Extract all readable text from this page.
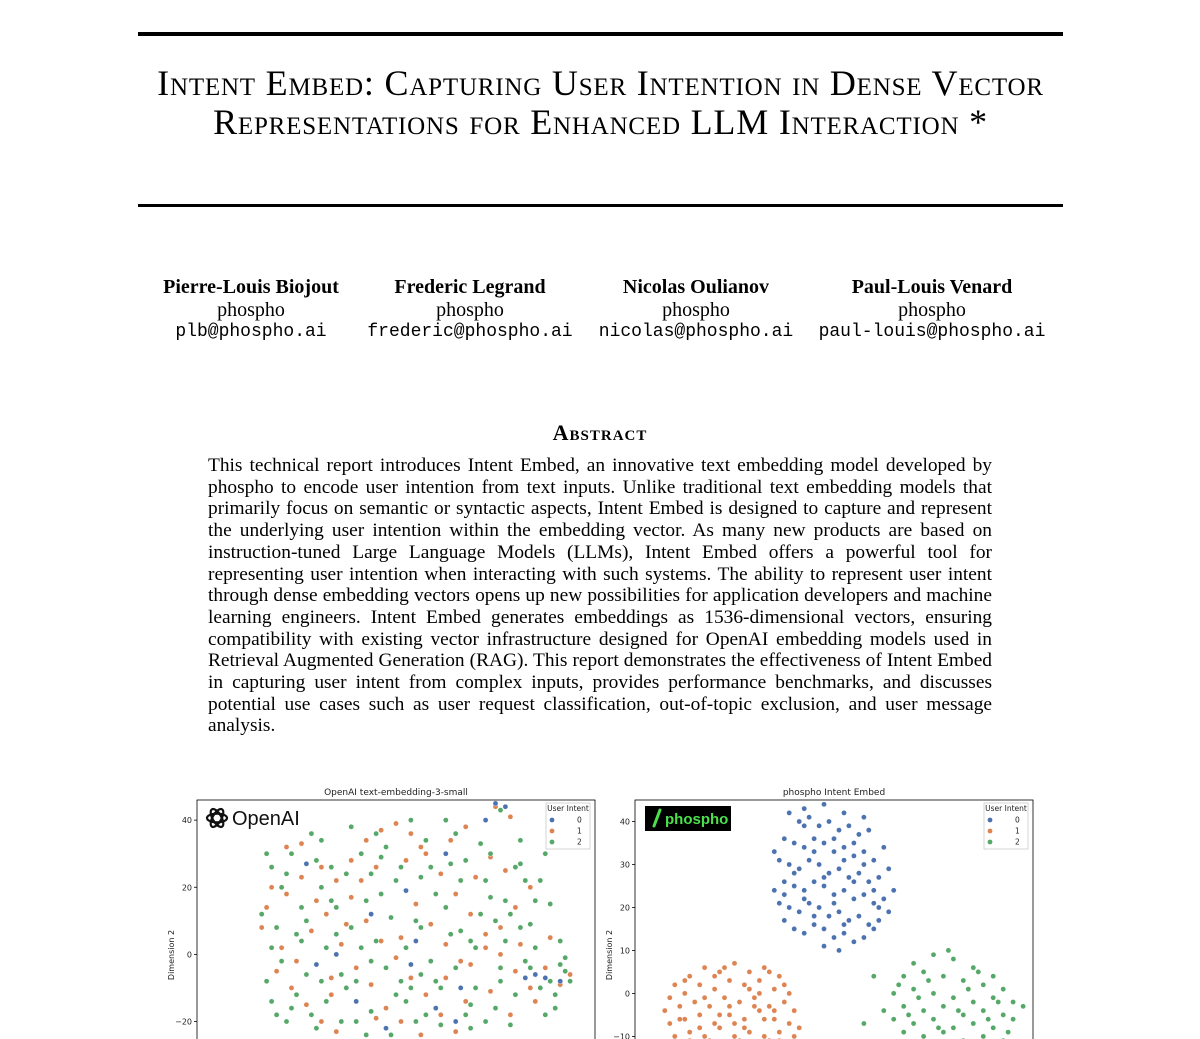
Intent Embed: Capturing User Intention in Dense Vector Representations for Enhanced LLM Interaction *
Pierre-Louis Biojout
phospho
plb@phospho.ai
Frederic Legrand
phospho
frederic@phospho.ai
Nicolas Oulianov
phospho
nicolas@phospho.ai
Paul-Louis Venard
phospho
paul-louis@phospho.ai
Abstract

This technical report introduces Intent Embed, an innovative text embedding model developed by phospho to encode user intention from text inputs. Unlike traditional text embedding models that primarily focus on semantic or syntactic aspects, Intent Embed is designed to capture and represent the underlying user intention within the embedding vector. As many new products are based on instruction-tuned Large Language Models (LLMs), Intent Embed offers a powerful tool for representing user intention when interacting with such systems. The ability to represent user intent through dense embedding vectors opens up new possibilities for application developers and machine learning engineers. Intent Embed generates embeddings as 1536-dimensional vectors, ensuring compatibility with existing vector infrastructure designed for OpenAI embedding models used in Retrieval Augmented Generation (RAG). This report demonstrates the effectiveness of Intent Embed in capturing user intent from complex inputs, provides performance benchmarks, and discusses potential use cases such as user request classification, out-of-topic exclusion, and user message analysis.

OpenAI text-embedding-3-small
Dimension 2
40
20
0
−20
OpenAI	User Intent
0
1
2
phospho Intent Embed
Dimension 2
40
30
20
10
0
−10
phospho
User Intent
0
1
2
